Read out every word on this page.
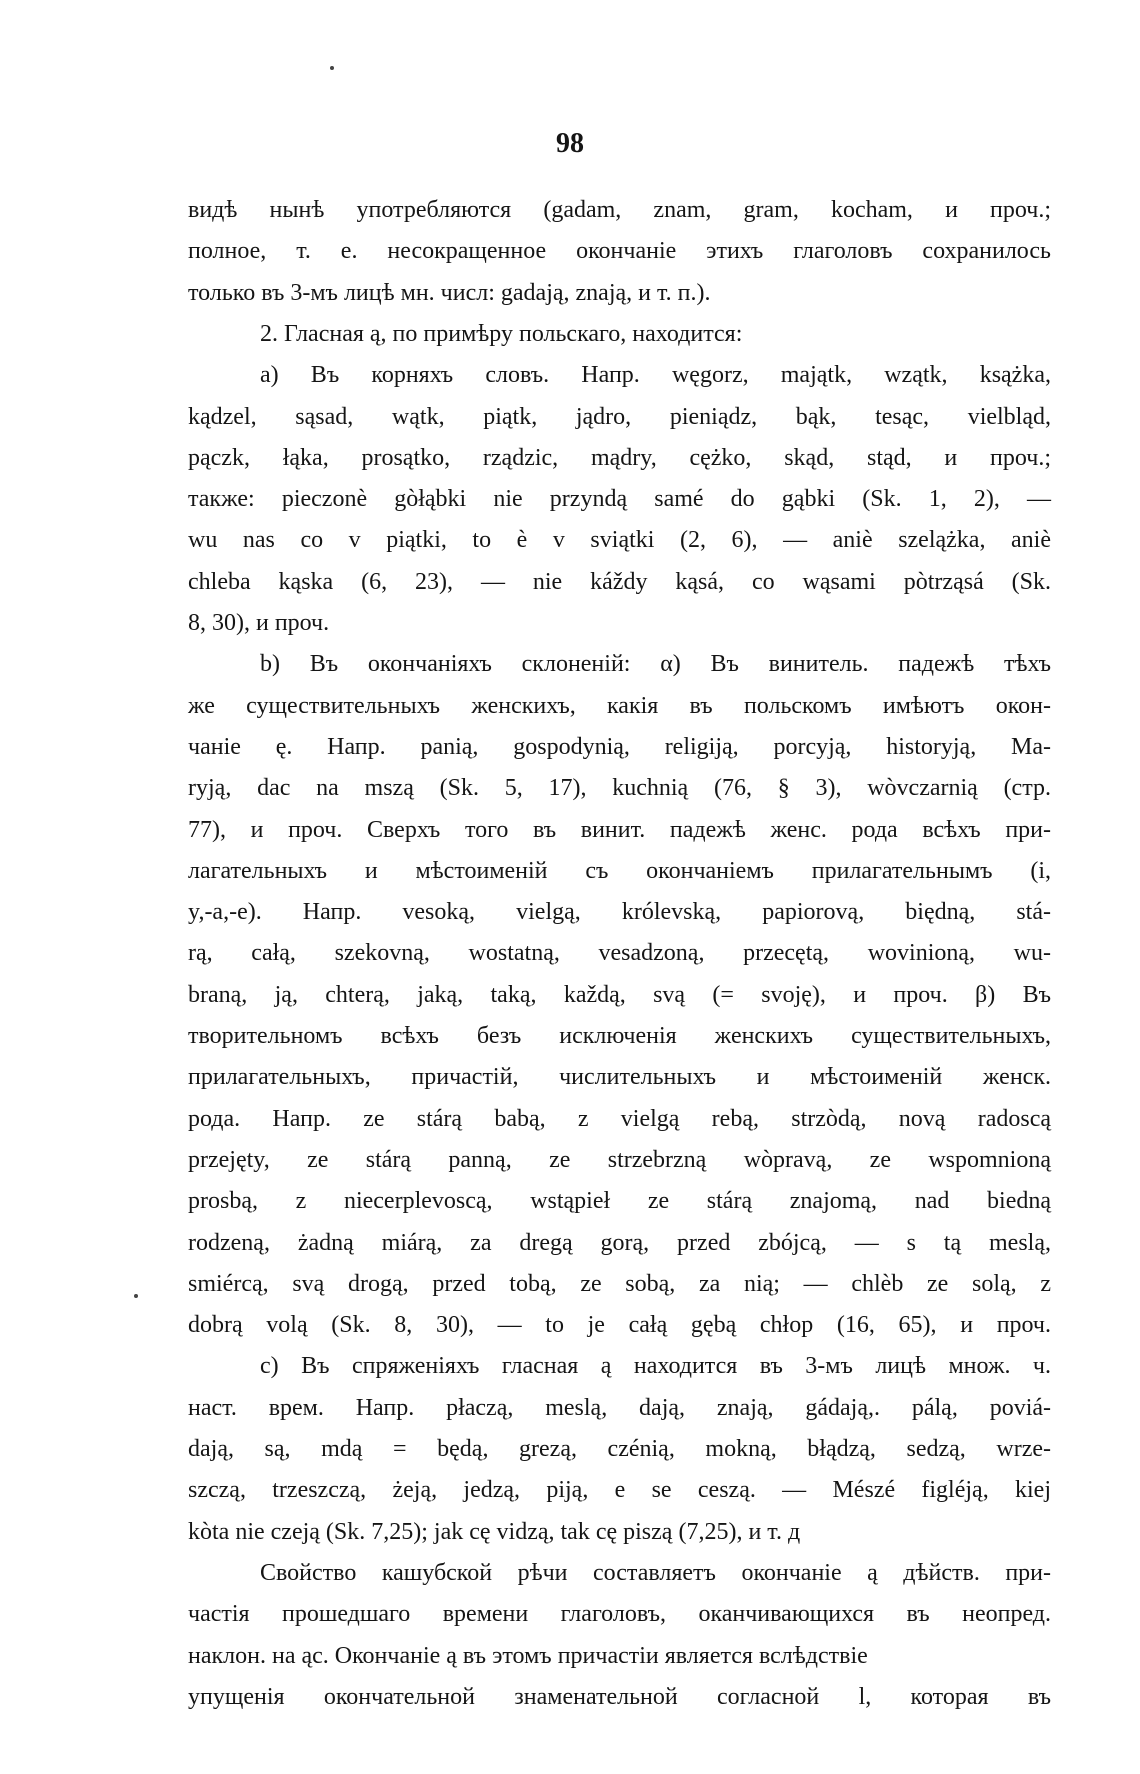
98
видѣ нынѣ употребляются (gadam, znam, gram, kocham, и проч.;
полное, т. е. несокращенное окончаніе этихъ глаголовъ сохранилось
только въ 3-мъ лицѣ мн. числ: gadają, znają, и т. п.).
2. Гласная ą, по примѣру польскаго, находится:
a) Въ корняхъ словъ. Напр. węgorz, majątk, wzątk, ksążka,
kądzel, sąsad, wątk, piątk, jądro, pieniądz, bąk, tesąc, vielbląd,
pączk, łąka, prosątko, rządzic, mądry, cężko, skąd, stąd, и проч.;
также: pieczonè gòłąbki nie przyndą samé do gąbki (Sk. 1, 2), —
wu nas co v piątki, to è v sviątki (2, 6), — aniè szelążka, aniè
chleba kąska (6, 23), — nie káždy kąsá, co wąsami pòtrząsá (Sk.
8, 30), и проч.
b) Въ окончаніяхъ склоненій: α) Въ винитель. падежѣ тѣхъ
же существительныхъ женскихъ, какія въ польскомъ имѣютъ окон-
чаніе ę. Напр. panią, gospodynią, religiją, porcyją, historyją, Ma-
ryją, dac na mszą (Sk. 5, 17), kuchnią (76, § 3), wòvczarnią (стр.
77), и проч. Сверхъ того въ винит. падежѣ женс. рода всѣхъ при-
лагательныхъ и мѣстоименій съ окончаніемъ прилагательнымъ (i,
y,-a,-e). Напр. vesoką, vielgą, królevską, papiorovą, biędną, stá-
rą, całą, szekovną, wostatną, vesadzoną, przecętą, wovinioną, wu-
braną, ją, chterą, jaką, taką, každą, svą (= svoję), и проч. β) Въ
творительномъ всѣхъ безъ исключенія женскихъ существительныхъ,
прилагательныхъ, причастій, числительныхъ и мѣстоименій женск.
рода. Напр. ze stárą babą, z vielgą rebą, strzòdą, novą radoscą
przejęty, ze stárą panną, ze strzebrzną wòpravą, ze wspomnioną
prosbą, z niecerplevoscą, wstąpieł ze stárą znajomą, nad biedną
rodzeną, żadną miárą, za dregą gorą, przed zbójcą, — s tą meslą,
smiércą, svą drogą, przed tobą, ze sobą, za nią; — chlèb ze solą, z
dobrą volą (Sk. 8, 30), — to je całą gębą chłop (16, 65), и проч.
c) Въ спряженіяхъ гласная ą находится въ 3-мъ лицѣ множ. ч.
наст. врем. Напр. płaczą, meslą, dają, znają, gádają,. pálą, poviá-
dają, są, mdą = będą, grezą, czénią, mokną, błądzą, sedzą, wrze-
szczą, trzeszczą, żeją, jedzą, piją, e se ceszą. — Mészé figléją, kiej
kòta nie czeją (Sk. 7,25); jak cę vidzą, tak cę piszą (7,25), и т. д
Свойство кашубской рѣчи составляетъ окончаніе ą дѣйств. при-
частія прошедшаго времени глаголовъ, оканчивающихся въ неопред.
наклон. на ąc. Окончаніе ą въ этомъ причастіи является вслѣдствіе
упущенія окончательной знаменательной согласной l, которая въ
